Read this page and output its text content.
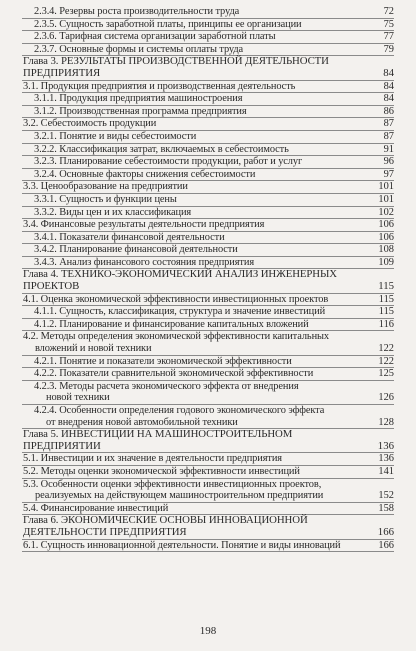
2.3.4. Резервы роста производительности труда	72
2.3.5. Сущность заработной платы, принципы ее организации	75
2.3.6. Тарифная система организации заработной платы	77
2.3.7. Основные формы и системы оплаты труда	79
Глава 3. РЕЗУЛЬТАТЫ ПРОИЗВОДСТВЕННОЙ ДЕЯТЕЛЬНОСТИ
ПРЕДПРИЯТИЯ	84
3.1. Продукция предприятия и производственная деятельность	84
3.1.1. Продукция предприятия машиностроения	84
3.1.2. Производственная программа предприятия	86
3.2. Себестоимость продукции	87
3.2.1. Понятие и виды себестоимости	87
3.2.2. Классификация затрат, включаемых в себестоимость	91
3.2.3. Планирование себестоимости продукции, работ и услуг	96
3.2.4. Основные факторы снижения себестоимости	97
3.3. Ценообразование на предприятии	101
3.3.1. Сущность и функции цены	101
3.3.2. Виды цен и их классификация	102
3.4. Финансовые результаты деятельности предприятия	106
3.4.1. Показатели финансовой деятельности	106
3.4.2. Планирование финансовой деятельности	108
3.4.3. Анализ финансового состояния предприятия	109
Глава 4. ТЕХНИКО-ЭКОНОМИЧЕСКИЙ АНАЛИЗ ИНЖЕНЕРНЫХ
ПРОЕКТОВ	115
4.1. Оценка экономической эффективности инвестиционных проектов	115
4.1.1. Сущность, классификация, структура и значение инвестиций	115
4.1.2. Планирование и финансирование капитальных вложений	116
4.2. Методы определения экономической эффективности капитальных
вложений и новой техники	122
4.2.1. Понятие и показатели экономической эффективности	122
4.2.2. Показатели сравнительной экономической эффективности	125
4.2.3. Методы расчета экономического эффекта от внедрения
новой техники	126
4.2.4. Особенности определения годового экономического эффекта
от внедрения новой автомобильной техники	128
Глава 5. ИНВЕСТИЦИИ НА МАШИНОСТРОИТЕЛЬНОМ
ПРЕДПРИЯТИИ	136
5.1. Инвестиции и их значение в деятельности предприятия	136
5.2. Методы оценки экономической эффективности инвестиций	141
5.3. Особенности оценки эффективности инвестиционных проектов,
реализуемых на действующем машиностроительном предприятии	152
5.4. Финансирование инвестиций	158
Глава 6. ЭКОНОМИЧЕСКИЕ ОСНОВЫ ИННОВАЦИОННОЙ
ДЕЯТЕЛЬНОСТИ ПРЕДПРИЯТИЯ	166
6.1. Сущность инновационной деятельности. Понятие и виды инноваций	166
198
